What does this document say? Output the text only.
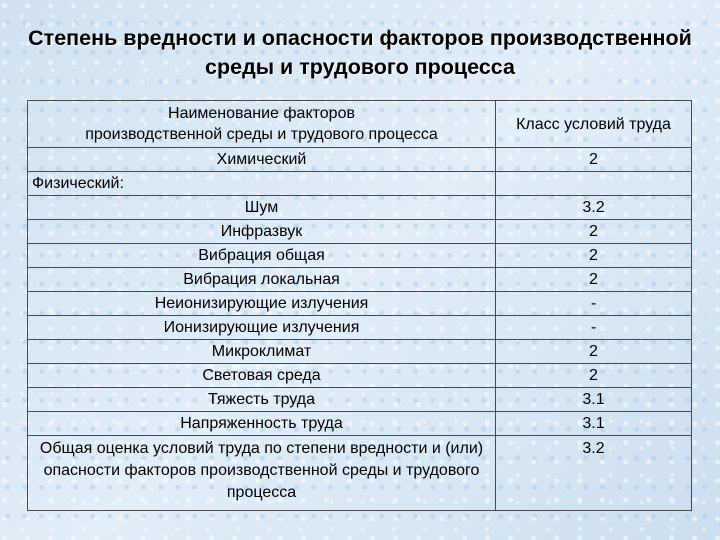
Степень вредности и опасности факторов производственной
среды и трудового процесса
Наименование факторов
производственной среды и трудового процесса	Класс условий труда
Химический	2
Физический:	
Шум	3.2
Инфразвук	2
Вибрация общая	2
Вибрация локальная	2
Неионизирующие излучения	-
Ионизирующие излучения	-
Микроклимат	2
Световая среда	2
Тяжесть труда	3.1
Напряженность труда	3.1
Общая оценка условий труда по степени вредности и (или) опасности факторов производственной среды и трудового процесса	3.2
